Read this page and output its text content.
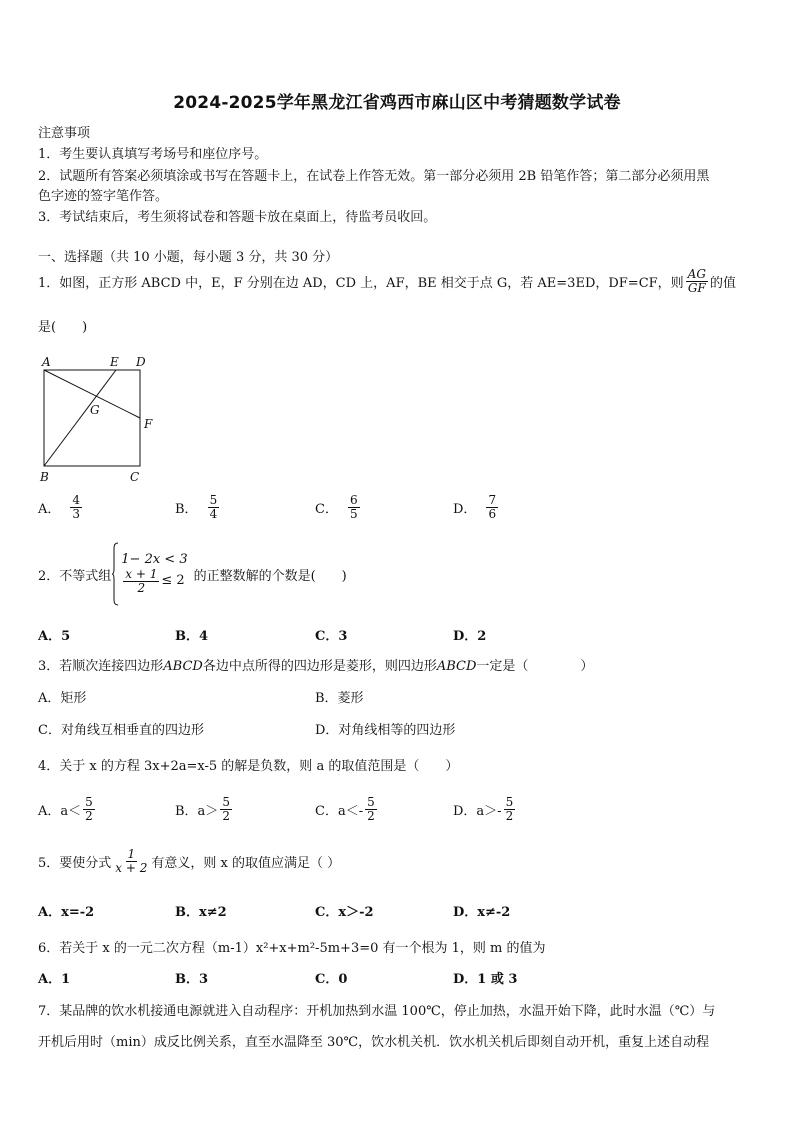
2024-2025学年黑龙江省鸡西市麻山区中考猜题数学试卷
注意事项
1．考生要认真填写考场号和座位序号。
2．试题所有答案必须填涂或书写在答题卡上，在试卷上作答无效。第一部分必须用 2B 铅笔作答；第二部分必须用黑
色字迹的签字笔作答。
3．考试结束后，考生须将试卷和答题卡放在桌面上，待监考员收回。
一、选择题（共 10 小题，每小题 3 分，共 30 分）
1．如图，正方形 ABCD 中，E，F 分别在边 AD，CD 上，AF，BE 相交于点 G，若 AE=3ED，DF=CF，则 $\frac{AG}{GF}$ 的值
是(　　)
A	E D
G
F
B	C
A． $\frac{4}{3}$	B． $\frac{5}{4}$	C． $\frac{6}{5}$	D． $\frac{7}{6}$
2．不等式组
1− 2x < 3
$\frac{x + 1}{2} \le 2$ 的正整数解的个数是(　　)
A．5	B．4	C．3	D．2
3．若顺次连接四边形ABCD各边中点所得的四边形是菱形，则四边形ABCD一定是（　　　　）
A．矩形	B．菱形
C．对角线互相垂直的四边形	D．对角线相等的四边形
4．关于 x 的方程 3x+2a=x-5 的解是负数，则 a 的取值范围是（　　）
A．$a< \frac{5}{2}$	B．$a> \frac{5}{2}$	C．$a<- \frac{5}{2}$	D．$a>- \frac{5}{2}$
5．要使分式 $\frac{1}{x + 2}$ 有意义，则 x 的取值应满足（ ）
A．x=-2	B．x≠2	C．x＞-2	D．x≠-2
6．若关于 x 的一元二次方程（m-1）x²+x+m²-5m+3=0 有一个根为 1，则 m 的值为
A．1	B．3	C．0	D．1 或 3
7．某品牌的饮水机接通电源就进入自动程序：开机加热到水温 100℃，停止加热，水温开始下降，此时水温（℃）与
开机后用时（min）成反比例关系，直至水温降至 30℃，饮水机关机．饮水机关机后即刻自动开机，重复上述自动程
